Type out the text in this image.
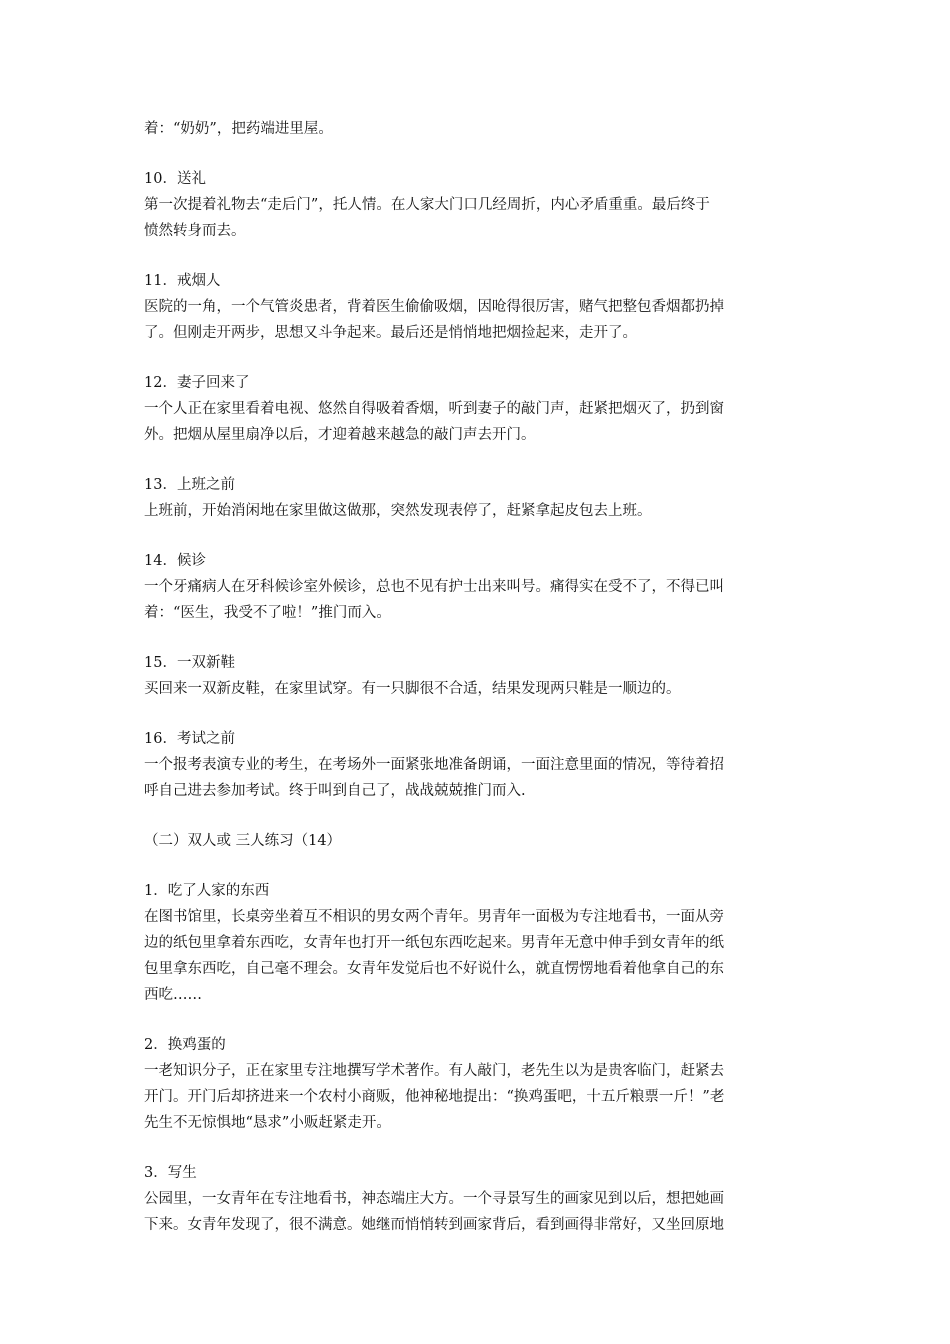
着：“奶奶”，把药端进里屋。
10．送礼
第一次提着礼物去“走后门”，托人情。在人家大门口几经周折，内心矛盾重重。最后终于
愤然转身而去。
11．戒烟人
医院的一角，一个气管炎患者，背着医生偷偷吸烟，因呛得很厉害，赌气把整包香烟都扔掉
了。但刚走开两步，思想又斗争起来。最后还是悄悄地把烟捡起来，走开了。
12．妻子回来了
一个人正在家里看着电视、悠然自得吸着香烟，听到妻子的敲门声，赶紧把烟灭了，扔到窗
外。把烟从屋里扇净以后，才迎着越来越急的敲门声去开门。
13．上班之前
上班前，开始消闲地在家里做这做那，突然发现表停了，赶紧拿起皮包去上班。
14．候诊
一个牙痛病人在牙科候诊室外候诊，总也不见有护士出来叫号。痛得实在受不了，不得已叫
着：“医生，我受不了啦！”推门而入。
15．一双新鞋
买回来一双新皮鞋，在家里试穿。有一只脚很不合适，结果发现两只鞋是一顺边的。
16．考试之前
一个报考表演专业的考生，在考场外一面紧张地准备朗诵，一面注意里面的情况，等待着招
呼自己进去参加考试。终于叫到自己了，战战兢兢推门而入.
（二）双人或 三人练习（14）
1．吃了人家的东西
在图书馆里，长桌旁坐着互不相识的男女两个青年。男青年一面极为专注地看书，一面从旁
边的纸包里拿着东西吃，女青年也打开一纸包东西吃起来。男青年无意中伸手到女青年的纸
包里拿东西吃，自己毫不理会。女青年发觉后也不好说什么，就直愣愣地看着他拿自己的东
西吃……
2．换鸡蛋的
一老知识分子，正在家里专注地撰写学术著作。有人敲门，老先生以为是贵客临门，赶紧去
开门。开门后却挤进来一个农村小商贩，他神秘地提出：“换鸡蛋吧，十五斤粮票一斤！”老
先生不无惊惧地“恳求”小贩赶紧走开。
3．写生
公园里，一女青年在专注地看书，神态端庄大方。一个寻景写生的画家见到以后，想把她画
下来。女青年发现了，很不满意。她继而悄悄转到画家背后，看到画得非常好，又坐回原地
